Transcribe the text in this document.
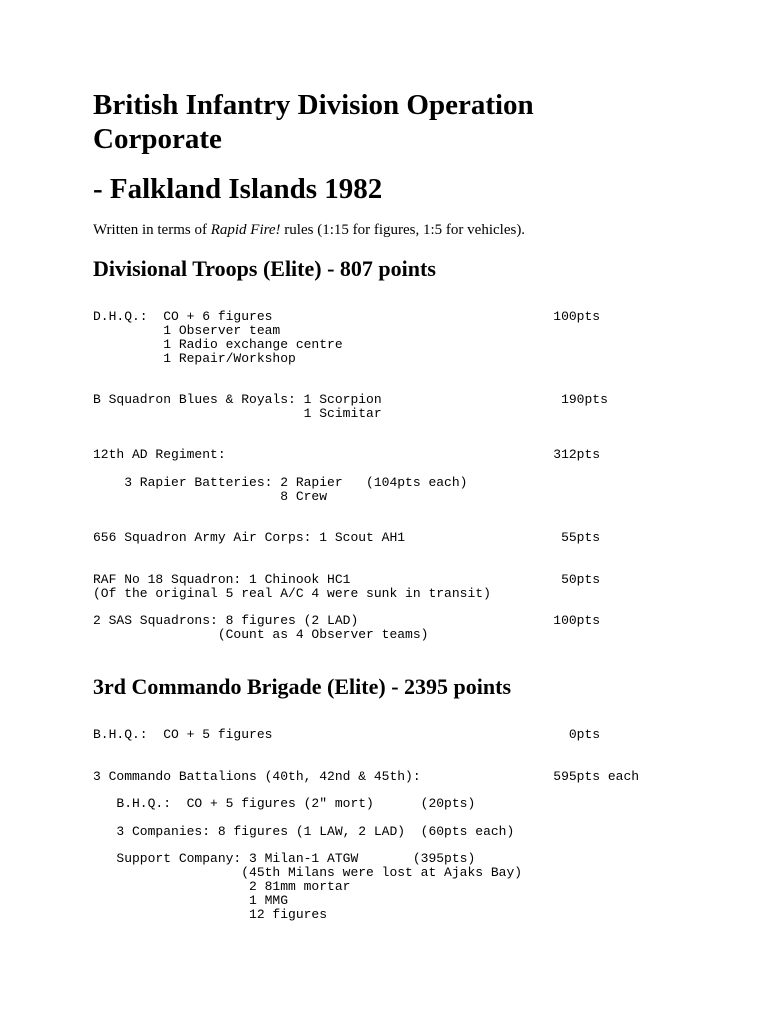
British Infantry Division Operation
Corporate
- Falkland Islands 1982

Written in terms of Rapid Fire! rules (1:15 for figures, 1:5 for vehicles).

Divisional Troops (Elite) - 807 points
D.H.Q.:  CO + 6 figures                                    100pts
1 Observer team
1 Radio exchange centre
1 Repair/Workshop
B Squadron Blues & Royals: 1 Scorpion                       190pts
1 Scimitar
12th AD Regiment:                                          312pts
3 Rapier Batteries: 2 Rapier   (104pts each)
8 Crew
656 Squadron Army Air Corps: 1 Scout AH1                    55pts
RAF No 18 Squadron: 1 Chinook HC1                           50pts
(Of the original 5 real A/C 4 were sunk in transit)
2 SAS Squadrons: 8 figures (2 LAD)                         100pts
(Count as 4 Observer teams)
3rd Commando Brigade (Elite) - 2395 points
B.H.Q.:  CO + 5 figures                                      0pts
3 Commando Battalions (40th, 42nd & 45th):                 595pts each
B.H.Q.:  CO + 5 figures (2" mort)      (20pts)
3 Companies: 8 figures (1 LAW, 2 LAD)  (60pts each)
Support Company: 3 Milan-1 ATGW       (395pts)
(45th Milans were lost at Ajaks Bay)
2 81mm mortar
1 MMG
12 figures
